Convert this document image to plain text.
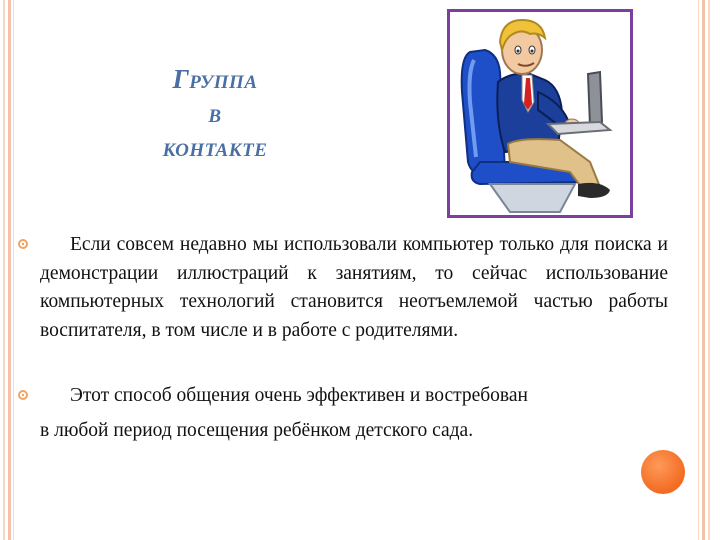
Группа
в
контакте
Если совсем недавно мы использовали компьютер только для поиска и демонстрации иллюстраций к занятиям, то сейчас использование компьютерных технологий становится неотъемлемой частью работы воспитателя, в том числе и в работе с родителями.
Этот способ общения очень эффективен и востребован
в любой период посещения ребёнком детского сада.
